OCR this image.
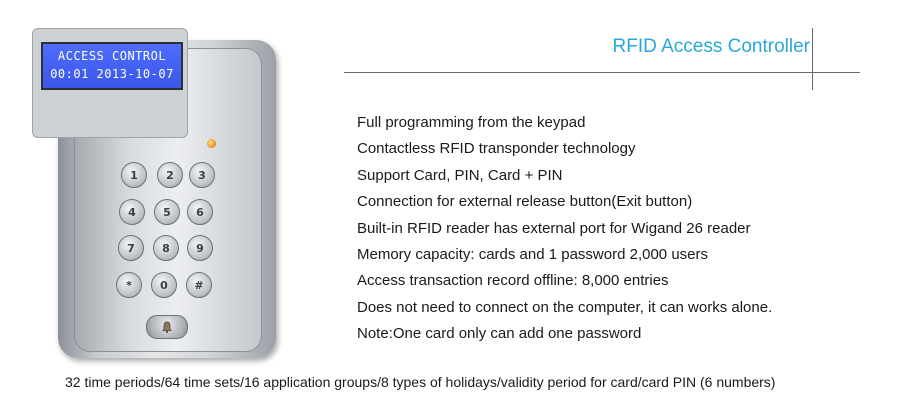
ACCESS CONTROL
00:01 2013-10-07
1	2	3
4	5	6
7	8	9
*	0	#
RFID Access Controller
Full programming from the keypad
Contactless RFID transponder technology
Support Card, PIN, Card + PIN
Connection for external release button(Exit button)
Built-in RFID reader has external port for Wigand 26 reader
Memory capacity: cards and 1 password 2,000 users
Access transaction record offline: 8,000 entries
Does not need to connect on the computer, it can works alone.
Note:One card only can add one password
32 time periods/64 time sets/16 application groups/8 types of holidays/validity period for card/card PIN (6 numbers)
